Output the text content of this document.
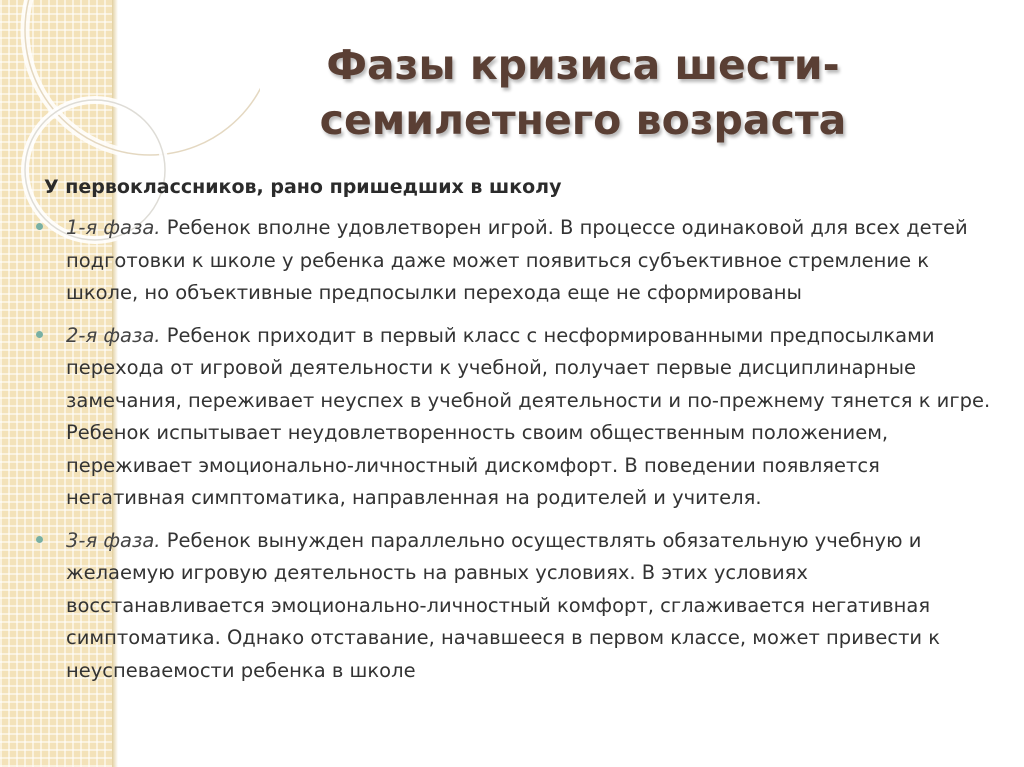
Фазы кризиса шести-
семилетнего возраста
У первоклассников, рано пришедших в школу
1-я фаза. Ребенок вполне удовлетворен игрой. В процессе одинаковой для всех детей подготовки к школе у ребенка даже может появиться субъективное стремление к школе, но объективные предпосылки перехода еще не сформированы
2-я фаза. Ребенок приходит в первый класс с несформированными предпосылками перехода от игровой деятельности к учебной, получает первые дисциплинарные замечания, переживает неуспех в учебной деятельности и по-прежнему тянется к игре. Ребенок испытывает неудовлетворенность своим общественным положением, переживает эмоционально-личностный дискомфорт. В поведении появляется негативная симптоматика, направленная на родителей и учителя.
3-я фаза. Ребенок вынужден параллельно осуществлять обязательную учебную и желаемую игровую деятельность на равных условиях. В этих условиях восстанавливается эмоционально-личностный комфорт, сглаживается негативная симптоматика. Однако отставание, начавшееся в первом классе, может привести к неуспеваемости ребенка в школе
